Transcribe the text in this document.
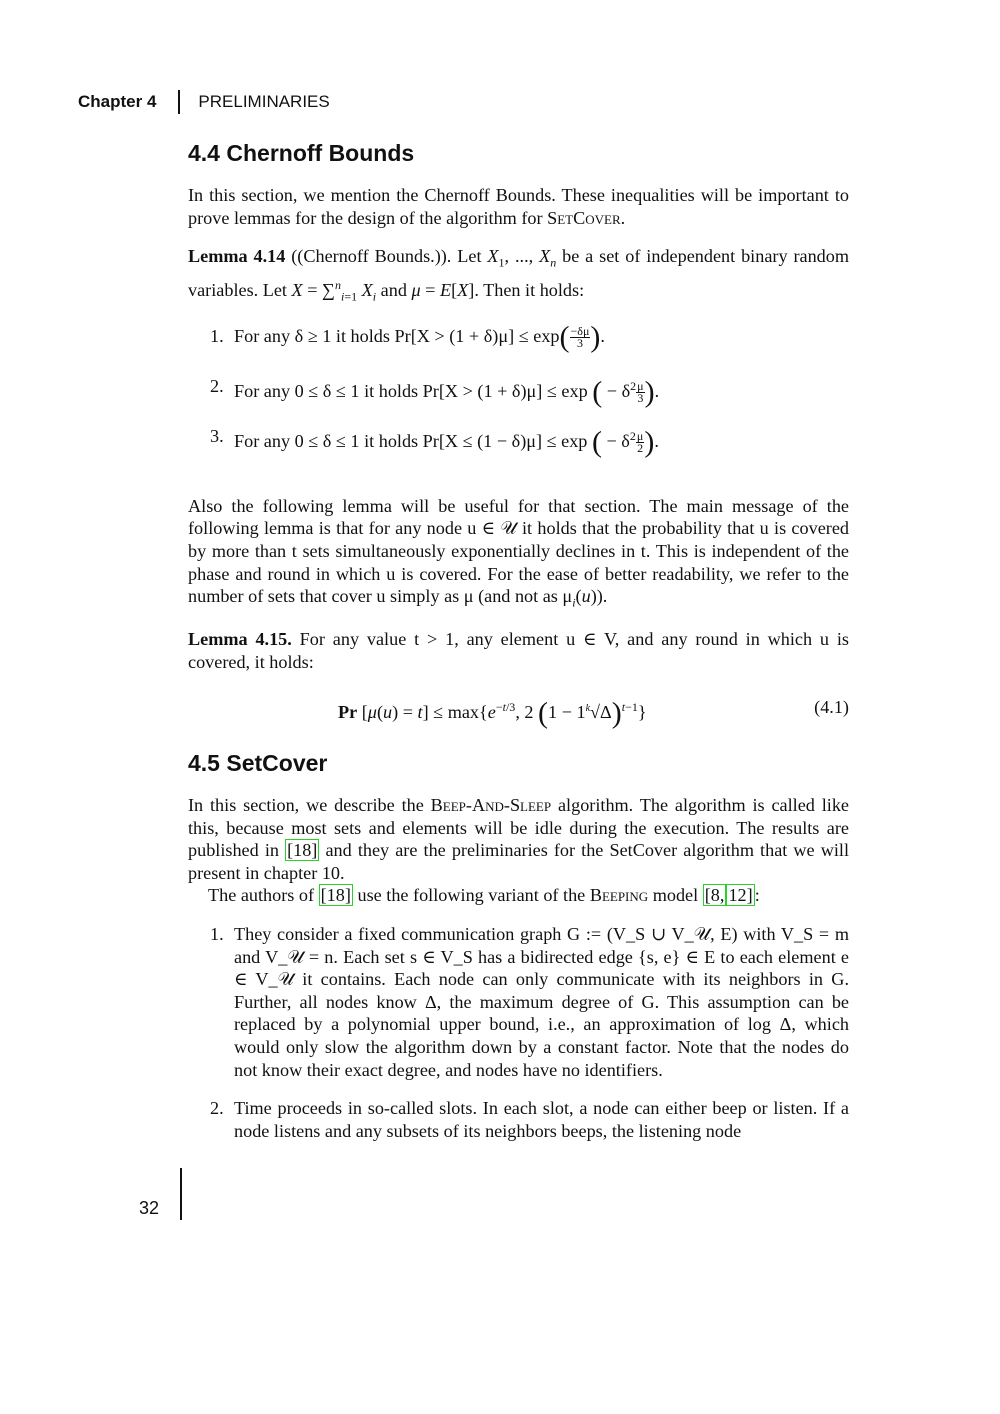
Chapter 4 PRELIMINARIES
4.4 Chernoff Bounds

In this section, we mention the Chernoff Bounds. These inequalities will be important to prove lemmas for the design of the algorithm for SetCover.

Lemma 4.14 ((Chernoff Bounds.)). Let $X_1$, ..., $X_n$ be a set of independent binary random variables. Let X = ∑$^n_{i=1}$ $X_i$ and μ = E[X]. Then it holds:

1. For any δ ≥ 1 it holds $Pr[X > (1 + \delta)\mu] \le \exp( \frac{-\delta\mu}{3}$ ).
2. For any 0 ≤ δ ≤ 1 it holds Pr[X > (1 + δ)μ] ≤ exp ( − $\delta^2 \frac{\mu}{3}$ ).
3. For any 0 ≤ δ ≤ 1 it holds Pr[X ≤ (1 − δ)μ] ≤ exp ( − $\delta^2 \frac{\mu}{2}$ ).

Also the following lemma will be useful for that section. The main message of the following lemma is that for any node u ∈ 𝒰 it holds that the probability that u is covered by more than t sets simultaneously exponentially declines in t. This is independent of the phase and round in which u is covered. For the ease of better readability, we refer to the number of sets that cover u simply as μ (and not as $\mu_i(u)$).

Lemma 4.15. For any value t > 1, any element u ∈ V, and any round in which u is covered, it holds:

Pr $[\mu(u) = t] \le \max\{e^{-t/3}$, 2 $(1 - 1^k√\Delta)^{t-1}$}	(4.1)
4.5 SetCover

In this section, we describe the Beep-And-Sleep algorithm. The algorithm is called like this, because most sets and elements will be idle during the execution. The results are published in [18] and they are the preliminaries for the SetCover algorithm that we will present in chapter 10.

The authors of [18] use the following variant of the Beeping model [8, 12] :

1. They consider a fixed communication graph G := (V_S ∪ V_𝒰, E) with V_S = m and V_𝒰 = n. Each set s ∈ V_S has a bidirected edge {s, e} ∈ E to each element e ∈ V_𝒰 it contains. Each node can only communicate with its neighbors in G. Further, all nodes know Δ, the maximum degree of G. This assumption can be replaced by a polynomial upper bound, i.e., an approximation of log Δ, which would only slow the algorithm down by a constant factor. Note that the nodes do not know their exact degree, and nodes have no identifiers.

2. Time proceeds in so-called slots. In each slot, a node can either beep or listen. If a node listens and any subsets of its neighbors beeps, the listening node

32
